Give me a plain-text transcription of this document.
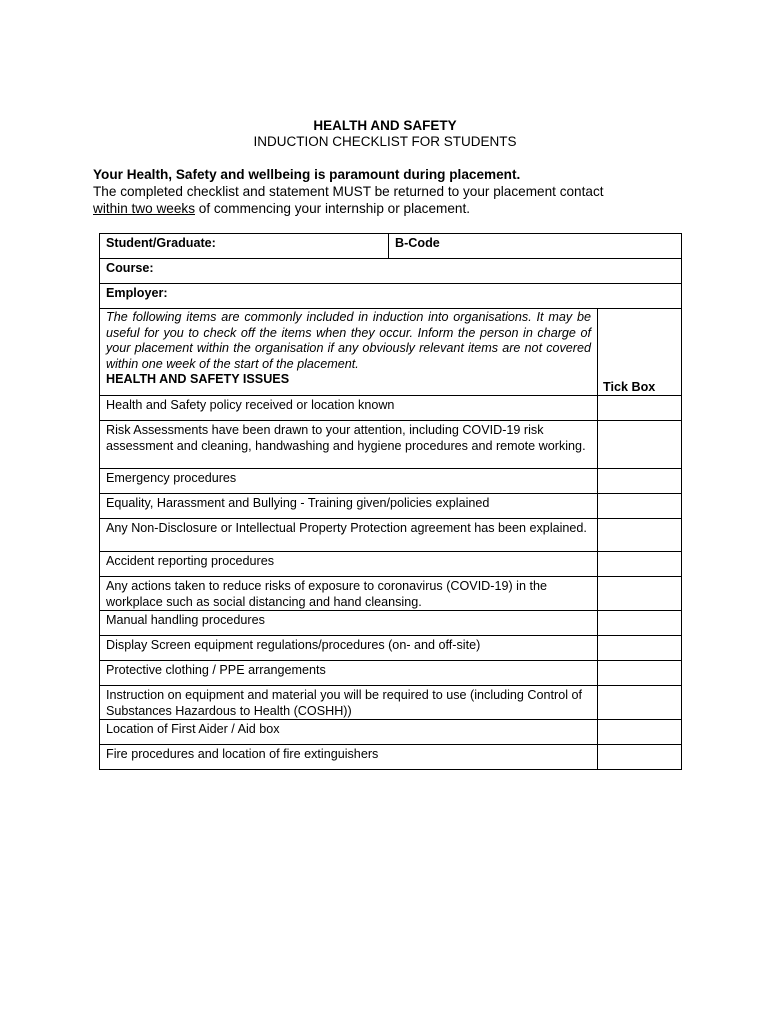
HEALTH AND SAFETY
INDUCTION CHECKLIST FOR STUDENTS
Your Health, Safety and wellbeing is paramount during placement.
The completed checklist and statement MUST be returned to your placement contact
within two weeks of commencing your internship or placement.
Student/Graduate:	B-Code	
Course:		
Employer:		
The following items are commonly included in induction into organisations. It may be useful for you to check off the items when they occur. Inform the person in charge of your placement within the organisation if any obviously relevant items are not covered within one week of the start of the placement.
HEALTH AND SAFETY ISSUES		Tick Box
Health and Safety policy received or location known		
Risk Assessments have been drawn to your attention, including COVID-19 risk assessment and cleaning, handwashing and hygiene procedures and remote working.		
Emergency procedures		
Equality, Harassment and Bullying - Training given/policies explained		
Any Non-Disclosure or Intellectual Property Protection agreement has been explained.		
Accident reporting procedures		
Any actions taken to reduce risks of exposure to coronavirus (COVID-19) in the workplace such as social distancing and hand cleansing.		
Manual handling procedures		
Display Screen equipment regulations/procedures (on- and off-site)		
Protective clothing / PPE arrangements		
Instruction on equipment and material you will be required to use (including Control of Substances Hazardous to Health (COSHH))		
Location of First Aider / Aid box		
Fire procedures and location of fire extinguishers		
